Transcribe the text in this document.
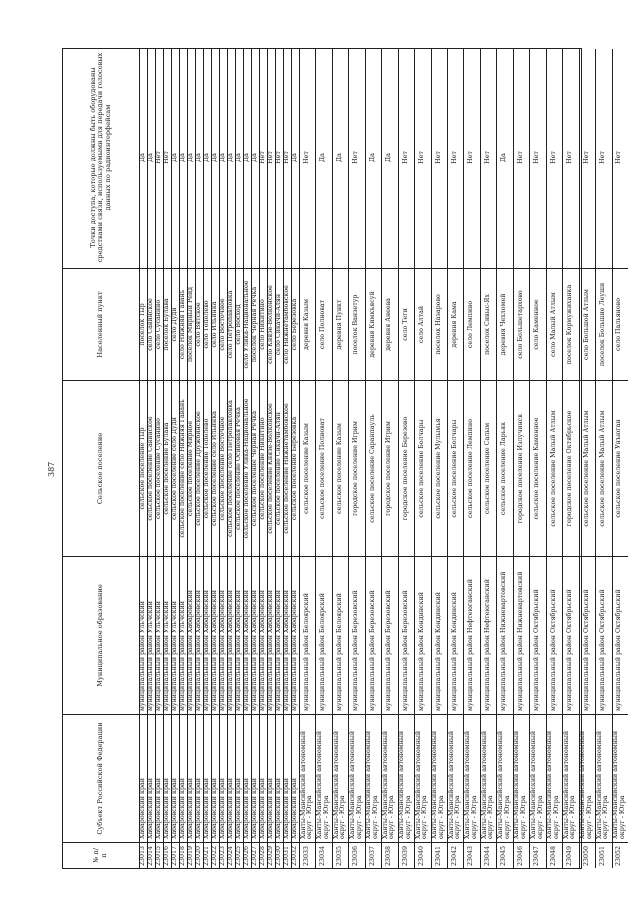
387
№ п/п
Субъект Российской Федерации
Муниципальное образование
Сельское поселение
Населенный пункт
Точки доступа, которые должны быть оборудованы средствами связи, используемыми для передачи голосовых данных по радиоинтерфейсам
23013
Хабаровский край
муниципальный район Ульчский
сельское поселение Тыр
поселок Тыр
Да
23014
Хабаровский край
муниципальный район Ульчский
сельское поселение Савинское
село Савинское
Да
23015
Хабаровский край
муниципальный район Ульчский
сельское поселение Сусанино
село Сусанино
Нет
23016
Хабаровский край
муниципальный район Ульчский
сельское поселение Булава
поселок Булава
Нет
23017
Хабаровский край
муниципальный район Ульчский
сельское поселение село Дуди
село Дуди
Да
23018
Хабаровский край
муниципальный район Ульчский
сельское поселение село Нижняя Гавань
село Нижняя Гавань
Да
23019
Хабаровский край
муниципальный район Хабаровский
сельское поселение Мирное
поселок Мирный Рейд
Да
23020
Хабаровский край
муниципальный район Хабаровский
сельское поселение Дружбинское
село Вятское
Да
23021
Хабаровский край
муниципальный район Хабаровский
сельское поселение Тополево
село Тополево
Да
23022
Хабаровский край
муниципальный район Хабаровский
сельское поселение село Ильинка
село Ильинка
Да
23023
Хабаровский край
муниципальный район Хабаровский
сельское поселение Восточное
село Восточное
Да
23024
Хабаровский край
муниципальный район Хабаровский
сельское поселение село Петропавловка
село Петропавловка
Да
23025
Хабаровский край
муниципальный район Хабаровский
сельское поселение Осиновая Речка
село Восход
Да
23026
Хабаровский край
муниципальный район Хабаровский
сельское поселение Улика-Национальное
село Улика-Национальное
Да
23027
Хабаровский край
муниципальный район Хабаровский
сельское поселение Черная Речка
поселок Черная Речка
Да
23028
Хабаровский край
муниципальный район Хабаровский
сельское поселение Никитино
село Никитино
Нет
23029
Хабаровский край
муниципальный район Хабаровский
сельское поселение Князе-Волконское
село Князе-Волконское
Нет
23030
Хабаровский край
муниципальный район Хабаровский
сельское поселение Сикачи-Алян
село Сикачи-Алян
Нет
23031
Хабаровский край
муниципальный район Хабаровский
сельское поселение Нижнетамбовское
село Нижнетамбовское
Нет
23032
Хабаровский край
муниципальный район Хабаровский
сельское поселение Березовка
село Березовка
Да
23033
Ханты-Мансийский автономный округ - Югра
муниципальный район Белоярский
сельское поселение Казым
деревня Казым
Нет
23034
Ханты-Мансийский автономный округ - Югра
муниципальный район Белоярский
сельское поселение Полноват
село Полноват
Да
23035
Ханты-Мансийский автономный округ - Югра
муниципальный район Белоярский
сельское поселение Казым
деревня Пункт
Да
23036
Ханты-Мансийский автономный округ - Югра
муниципальный район Березовский
городское поселение Игрим
поселок Ванзетур
Нет
23037
Ханты-Мансийский автономный округ - Югра
муниципальный район Березовский
сельское поселение Саранпауль
деревня Кимкъясуй
Да
23038
Ханты-Мансийский автономный округ - Югра
муниципальный район Березовский
городское поселение Игрим
деревня Анеева
Да
23039
Ханты-Мансийский автономный округ - Югра
муниципальный район Березовский
городское поселение Березово
село Теги
Нет
23040
Ханты-Мансийский автономный округ - Югра
муниципальный район Кондинский
сельское поселение Болчары
село Алтай
Нет
23041
Ханты-Мансийский автономный округ - Югра
муниципальный район Кондинский
сельское поселение Мулымья
поселок Назарово
Нет
23042
Ханты-Мансийский автономный округ - Югра
муниципальный район Кондинский
сельское поселение Болчары
деревня Кама
Нет
23043
Ханты-Мансийский автономный округ - Югра
муниципальный район Нефтеюганский
сельское поселение Лемпино
село Лемпино
Нет
23044
Ханты-Мансийский автономный округ - Югра
муниципальный район Нефтеюганский
сельское поселение Салым
поселок Сивыс-Ях
Нет
23045
Ханты-Мансийский автономный округ - Югра
муниципальный район Нижневартовский
сельское поселение Ларьяк
деревня Чехломей
Да
23046
Ханты-Мансийский автономный округ - Югра
муниципальный район Нижневартовский
городское поселение Излучинск
село Большетархово
Нет
23047
Ханты-Мансийский автономный округ - Югра
муниципальный район Октябрьский
сельское поселение Каменное
село Каменное
Нет
23048
Ханты-Мансийский автономный округ - Югра
муниципальный район Октябрьский
сельское поселение Малый Атлым
село Малый Атлым
Нет
23049
Ханты-Мансийский автономный округ - Югра
муниципальный район Октябрьский
городское поселение Октябрьское
поселок Кормужиханка
Нет
23050
Ханты-Мансийский автономный округ - Югра
муниципальный район Октябрьский
сельское поселение Малый Атлым
село Большой Атлым
Нет
23051
Ханты-Мансийский автономный округ - Югра
муниципальный район Октябрьский
сельское поселение Малый Атлым
поселок Большие Леуши
Нет
23052
Ханты-Мансийский автономный округ - Югра
муниципальный район Октябрьский
сельское поселение Унъюган
село Пальяново
Нет
